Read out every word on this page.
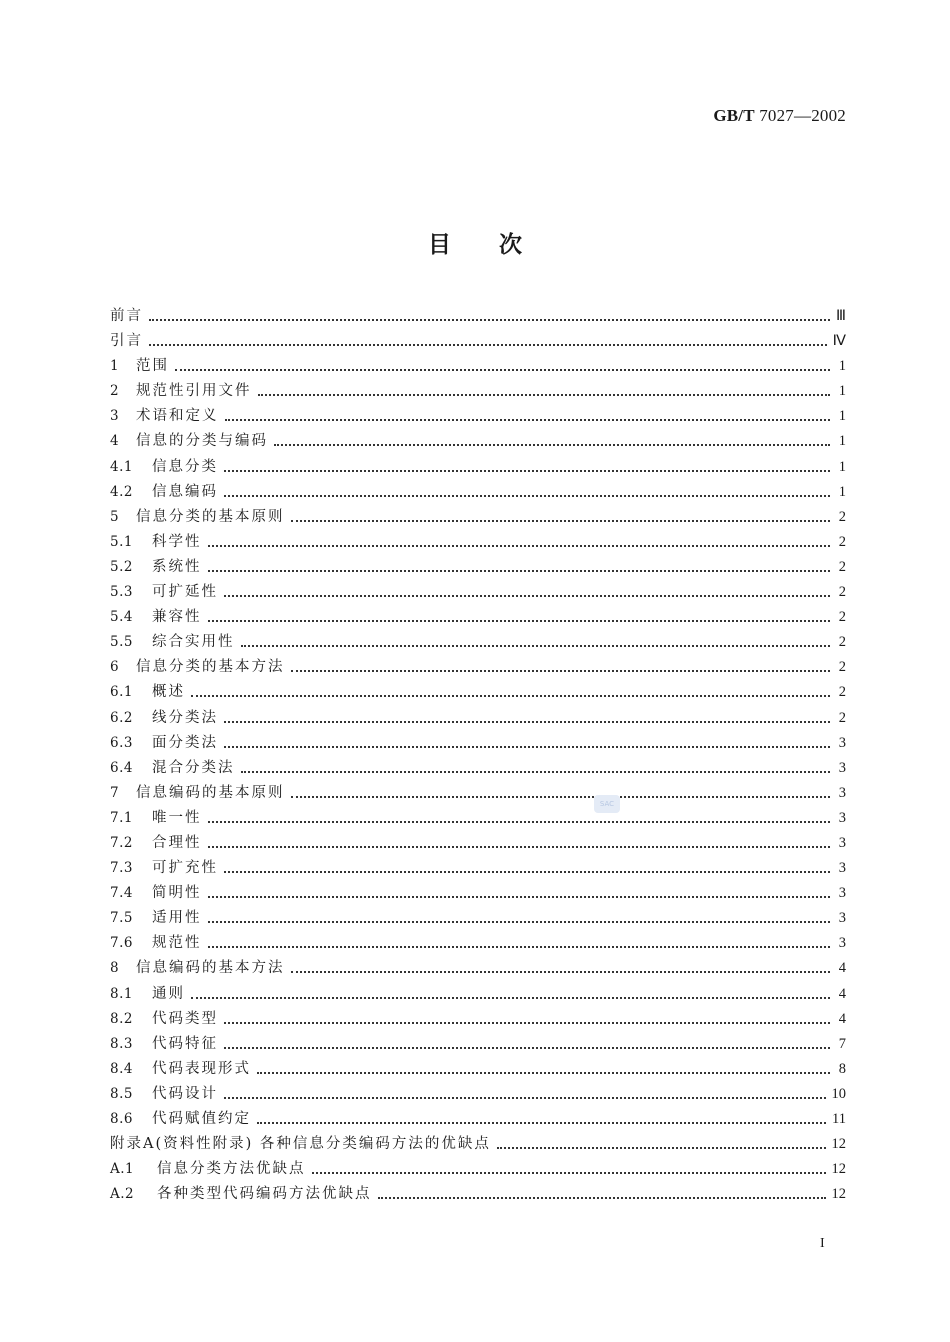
GB/T 7027—2002
目次
前言	Ⅲ
引言	Ⅳ
1	范围	1
2	规范性引用文件	1
3	术语和定义	1
4	信息的分类与编码	1
4.1	信息分类	1
4.2	信息编码	1
5	信息分类的基本原则	2
5.1	科学性	2
5.2	系统性	2
5.3	可扩延性	2
5.4	兼容性	2
5.5	综合实用性	2
6	信息分类的基本方法	2
6.1	概述	2
6.2	线分类法	2
6.3	面分类法	3
6.4	混合分类法	3
7	信息编码的基本原则	3
7.1	唯一性	3
7.2	合理性	3
7.3	可扩充性	3
7.4	简明性	3
7.5	适用性	3
7.6	规范性	3
8	信息编码的基本方法	4
8.1	通则	4
8.2	代码类型	4
8.3	代码特征	7
8.4	代码表现形式	8
8.5	代码设计	10
8.6	代码赋值约定	11
附录A(资料性附录) 各种信息分类编码方法的优缺点	12
A.1	信息分类方法优缺点	12
A.2	各种类型代码编码方法优缺点	12
SAC
I
